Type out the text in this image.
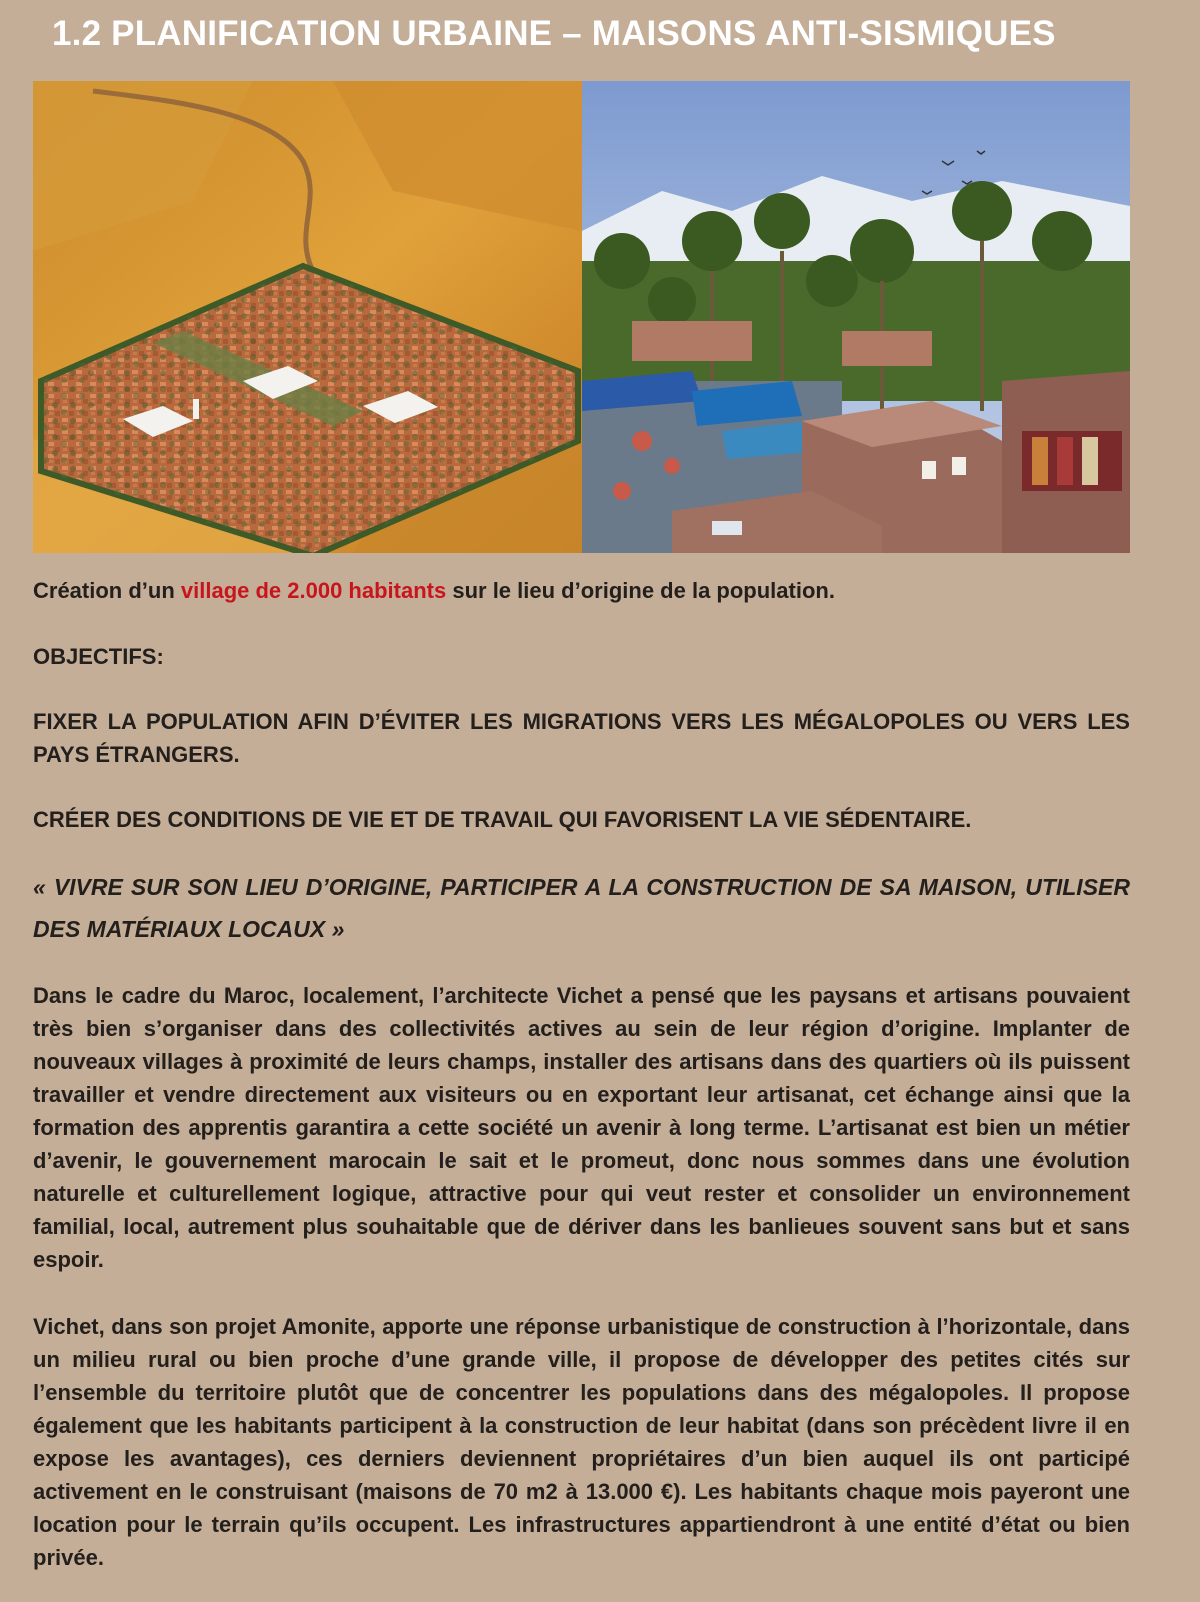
1.2 PLANIFICATION URBAINE – MAISONS ANTI-SISMIQUES
Création d’un village de 2.000 habitants sur le lieu d’origine de la population.
OBJECTIFS:
FIXER LA POPULATION AFIN D’ÉVITER LES MIGRATIONS VERS LES MÉGALOPOLES OU VERS LES PAYS ÉTRANGERS.
CRÉER DES CONDITIONS DE VIE ET DE TRAVAIL QUI FAVORISENT LA VIE SÉDENTAIRE.
« VIVRE SUR SON LIEU D’ORIGINE, PARTICIPER A LA CONSTRUCTION DE SA MAISON, UTILISER DES MATÉRIAUX LOCAUX »
Dans le cadre du Maroc, localement, l’architecte Vichet a pensé que les paysans et artisans pouvaient très bien s’organiser dans des collectivités actives au sein de leur région d’origine. Implanter de nouveaux villages à proximité de leurs champs, installer des artisans dans des quartiers où ils puissent travailler et vendre directement aux visiteurs ou en exportant leur artisanat, cet échange ainsi que la formation des apprentis garantira a cette société un avenir à long terme. L’artisanat est bien un métier d’avenir, le gouvernement marocain le sait et le promeut, donc nous sommes dans une évolution naturelle et culturellement logique, attractive pour qui veut rester et consolider un environnement familial, local, autrement plus souhaitable que de dériver dans les banlieues souvent sans but et sans espoir.
Vichet, dans son projet Amonite, apporte une réponse urbanistique de construction à l’horizontale, dans un milieu rural ou bien proche d’une grande ville, il propose de développer des petites cités sur l’ensemble du territoire plutôt que de concentrer les populations dans des mégalopoles. Il propose également que les habitants participent à la construction de leur habitat (dans son précèdent livre il en expose les avantages), ces derniers deviennent propriétaires d’un bien auquel ils ont participé activement en le construisant (maisons de 70 m2 à 13.000 €). Les habitants chaque mois payeront une location pour le terrain qu’ils occupent. Les infrastructures appartiendront à une entité d’état ou bien privée.
